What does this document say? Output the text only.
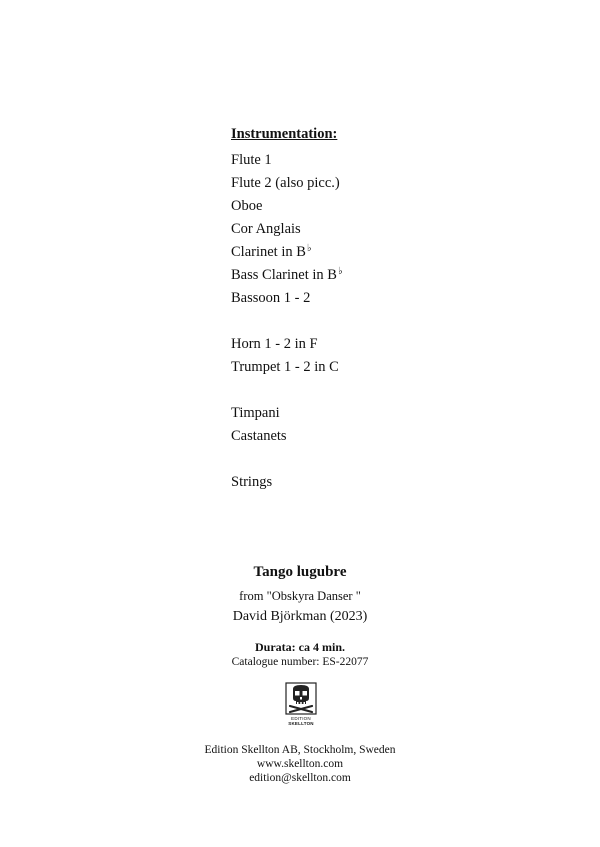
Instrumentation:
Flute 1
Flute 2 (also picc.)
Oboe
Cor Anglais
Clarinet in B♭
Bass Clarinet in B♭
Bassoon 1 - 2
Horn 1 - 2 in F
Trumpet 1 - 2 in C
Timpani
Castanets
Strings
Tango lugubre
from "Obskyra Danser "
David Björkman (2023)
Durata: ca 4 min.
Catalogue number: ES-22077
EDITION
SKELLTON
Edition Skellton AB, Stockholm, Sweden
www.skellton.com
edition@skellton.com
